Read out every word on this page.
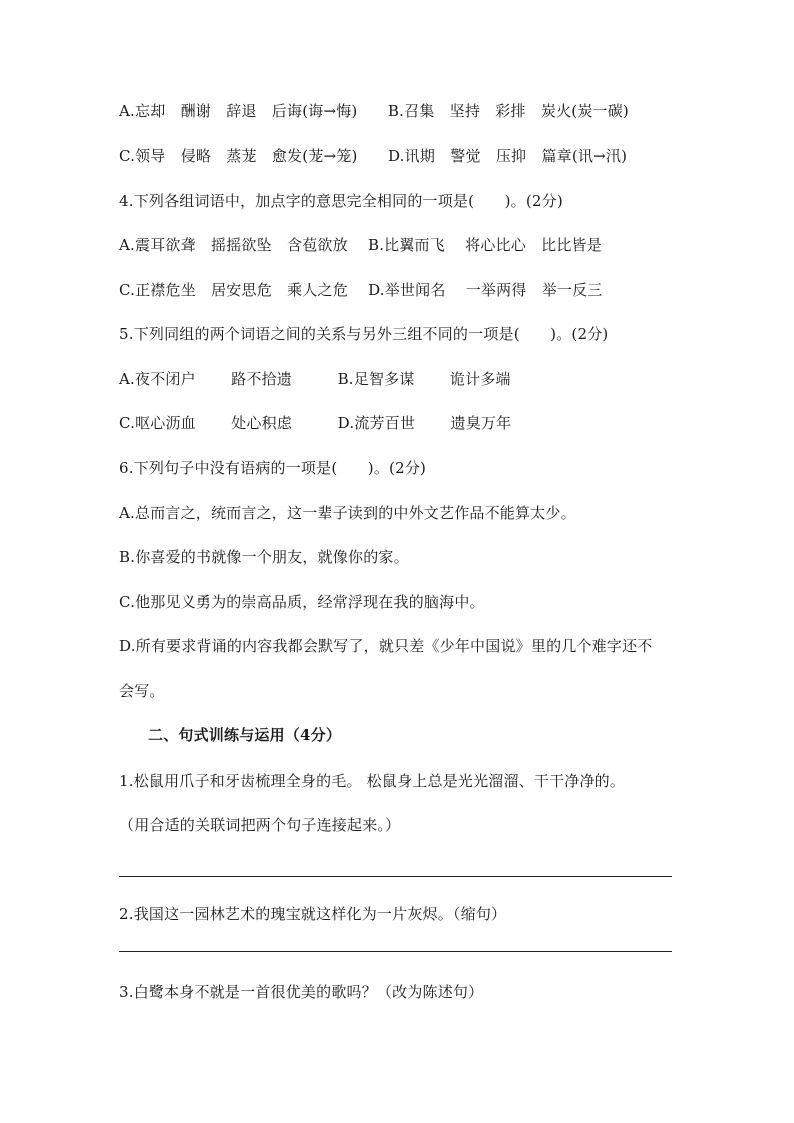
A.忘却　酬谢　辞退　后诲(诲→悔)　　B.召集　坚持　彩排　炭火(炭一碳)
C.领导　侵略　蒸茏　愈发(茏→笼)　　D.讯期　警觉　压抑　篇章(讯→汛)
4.下列各组词语中，加点字的意思完全相同的一项是(　　)。(2分)
A.震耳欲聋　摇摇欲坠　含苞欲放　 B.比翼而飞　 将心比心　比比皆是
C.正襟危坐　居安思危　乘人之危　 D.举世闻名　 一举两得　举一反三
5.下列同组的两个词语之间的关系与另外三组不同的一项是(　　)。(2分)
A.夜不闭户　　 路不拾遗　　　B.足智多谋　　 诡计多端
C.呕心沥血　　 处心积虑　　　D.流芳百世　　 遗臭万年
6.下列句子中没有语病的一项是(　　)。(2分)
A.总而言之，统而言之，这一辈子读到的中外文艺作品不能算太少。
B.你喜爱的书就像一个朋友，就像你的家。
C.他那见义勇为的崇高品质，经常浮现在我的脑海中。
D.所有要求背诵的内容我都会默写了，就只差《少年中国说》里的几个难字还不
会写。
二、句式训练与运用（4分）
1.松鼠用爪子和牙齿梳理全身的毛。 松鼠身上总是光光溜溜、干干净净的。
（用合适的关联词把两个句子连接起来。）
2.我国这一园林艺术的瑰宝就这样化为一片灰烬。（缩句）
3.白鹭本身不就是一首很优美的歌吗？（改为陈述句）
